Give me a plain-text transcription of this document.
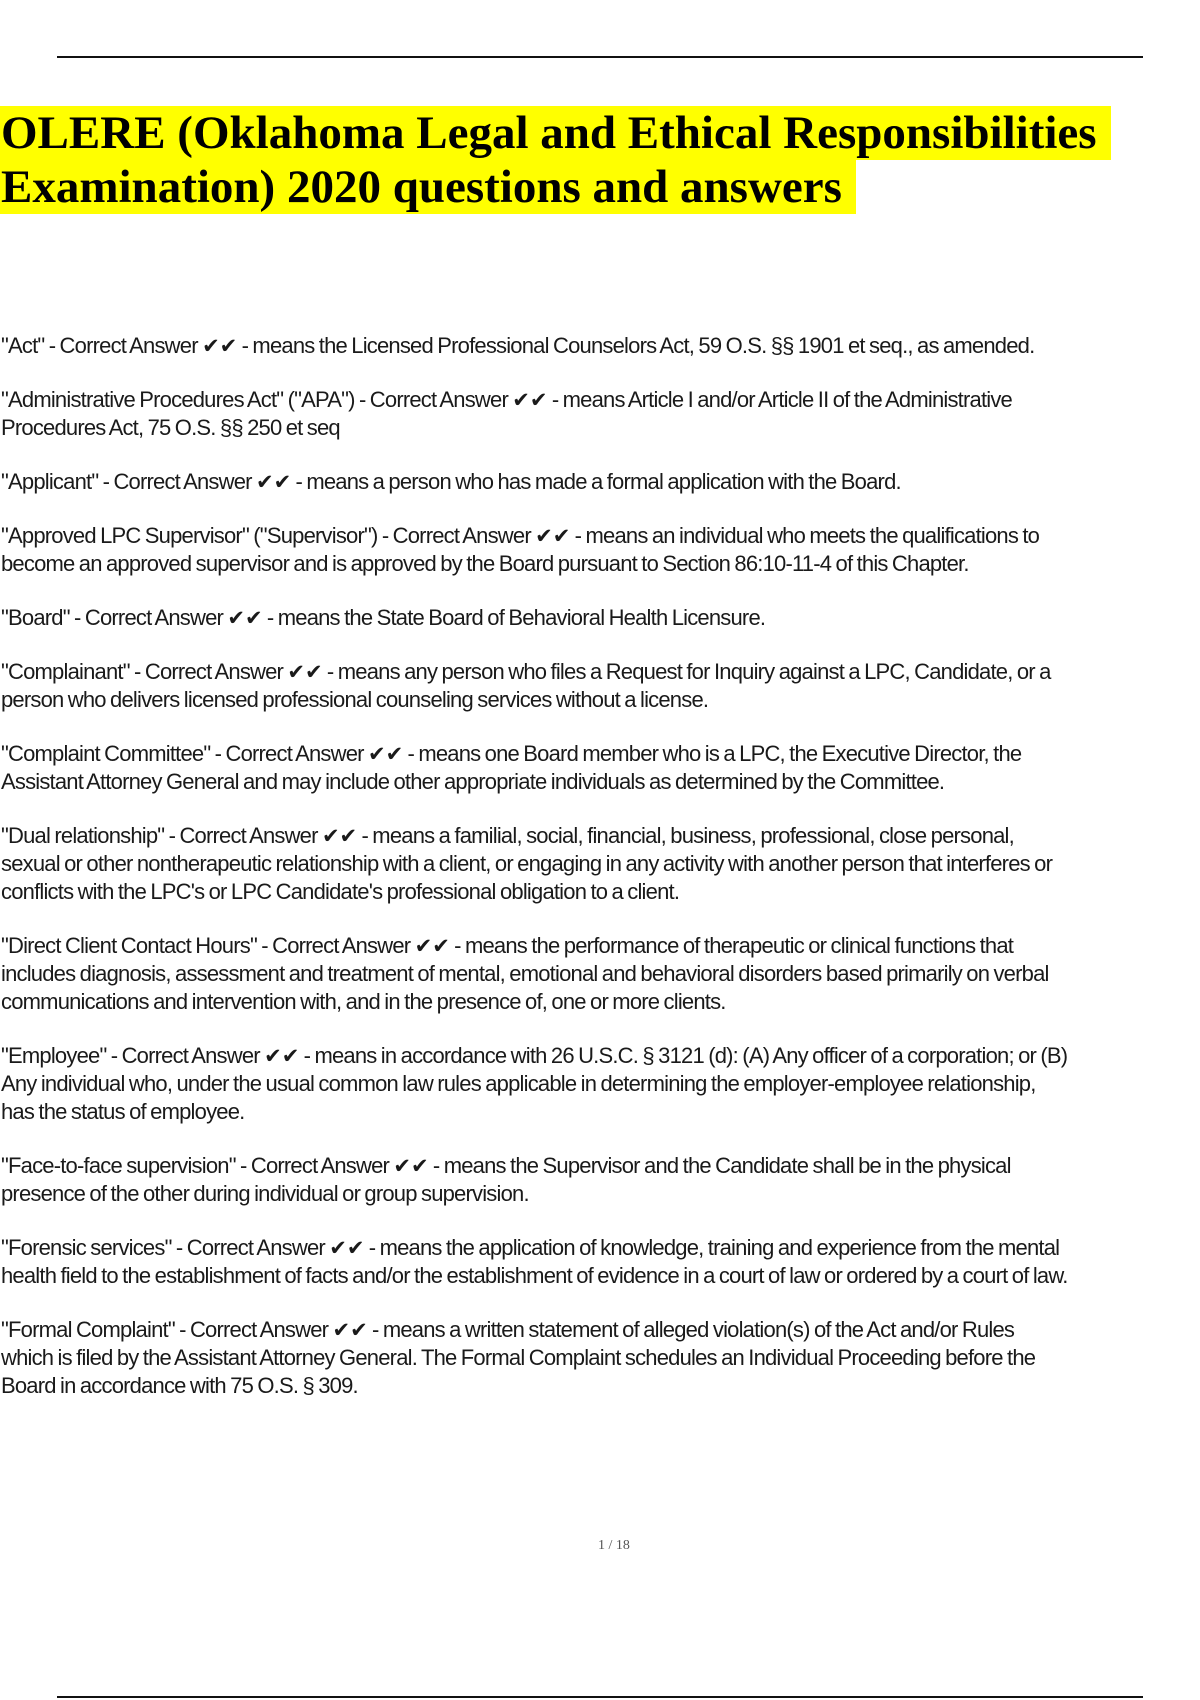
OLERE (Oklahoma Legal and Ethical Responsibilities
Examination) 2020 questions and answers

"Act" - Correct Answer ✔✔ - means the Licensed Professional Counselors Act, 59 O.S. §§ 1901 et seq., as amended.

"Administrative Procedures Act" ("APA") - Correct Answer ✔✔ - means Article I and/or Article II of the Administrative
Procedures Act, 75 O.S. §§ 250 et seq

"Applicant" - Correct Answer ✔✔ - means a person who has made a formal application with the Board.

"Approved LPC Supervisor" ("Supervisor") - Correct Answer ✔✔ - means an individual who meets the qualifications to
become an approved supervisor and is approved by the Board pursuant to Section 86:10-11-4 of this Chapter.

"Board" - Correct Answer ✔✔ - means the State Board of Behavioral Health Licensure.

"Complainant" - Correct Answer ✔✔ - means any person who files a Request for Inquiry against a LPC, Candidate, or a
person who delivers licensed professional counseling services without a license.

"Complaint Committee" - Correct Answer ✔✔ - means one Board member who is a LPC, the Executive Director, the
Assistant Attorney General and may include other appropriate individuals as determined by the Committee.

"Dual relationship" - Correct Answer ✔✔ - means a familial, social, financial, business, professional, close personal,
sexual or other nontherapeutic relationship with a client, or engaging in any activity with another person that interferes or
conflicts with the LPC's or LPC Candidate's professional obligation to a client.

"Direct Client Contact Hours" - Correct Answer ✔✔ - means the performance of therapeutic or clinical functions that
includes diagnosis, assessment and treatment of mental, emotional and behavioral disorders based primarily on verbal
communications and intervention with, and in the presence of, one or more clients.

"Employee" - Correct Answer ✔✔ - means in accordance with 26 U.S.C. § 3121 (d): (A) Any officer of a corporation; or (B)
Any individual who, under the usual common law rules applicable in determining the employer-employee relationship,
has the status of employee.

"Face-to-face supervision" - Correct Answer ✔✔ - means the Supervisor and the Candidate shall be in the physical
presence of the other during individual or group supervision.

"Forensic services" - Correct Answer ✔✔ - means the application of knowledge, training and experience from the mental
health field to the establishment of facts and/or the establishment of evidence in a court of law or ordered by a court of law.

"Formal Complaint" - Correct Answer ✔✔ - means a written statement of alleged violation(s) of the Act and/or Rules
which is filed by the Assistant Attorney General. The Formal Complaint schedules an Individual Proceeding before the
Board in accordance with 75 O.S. § 309.

1 / 18
